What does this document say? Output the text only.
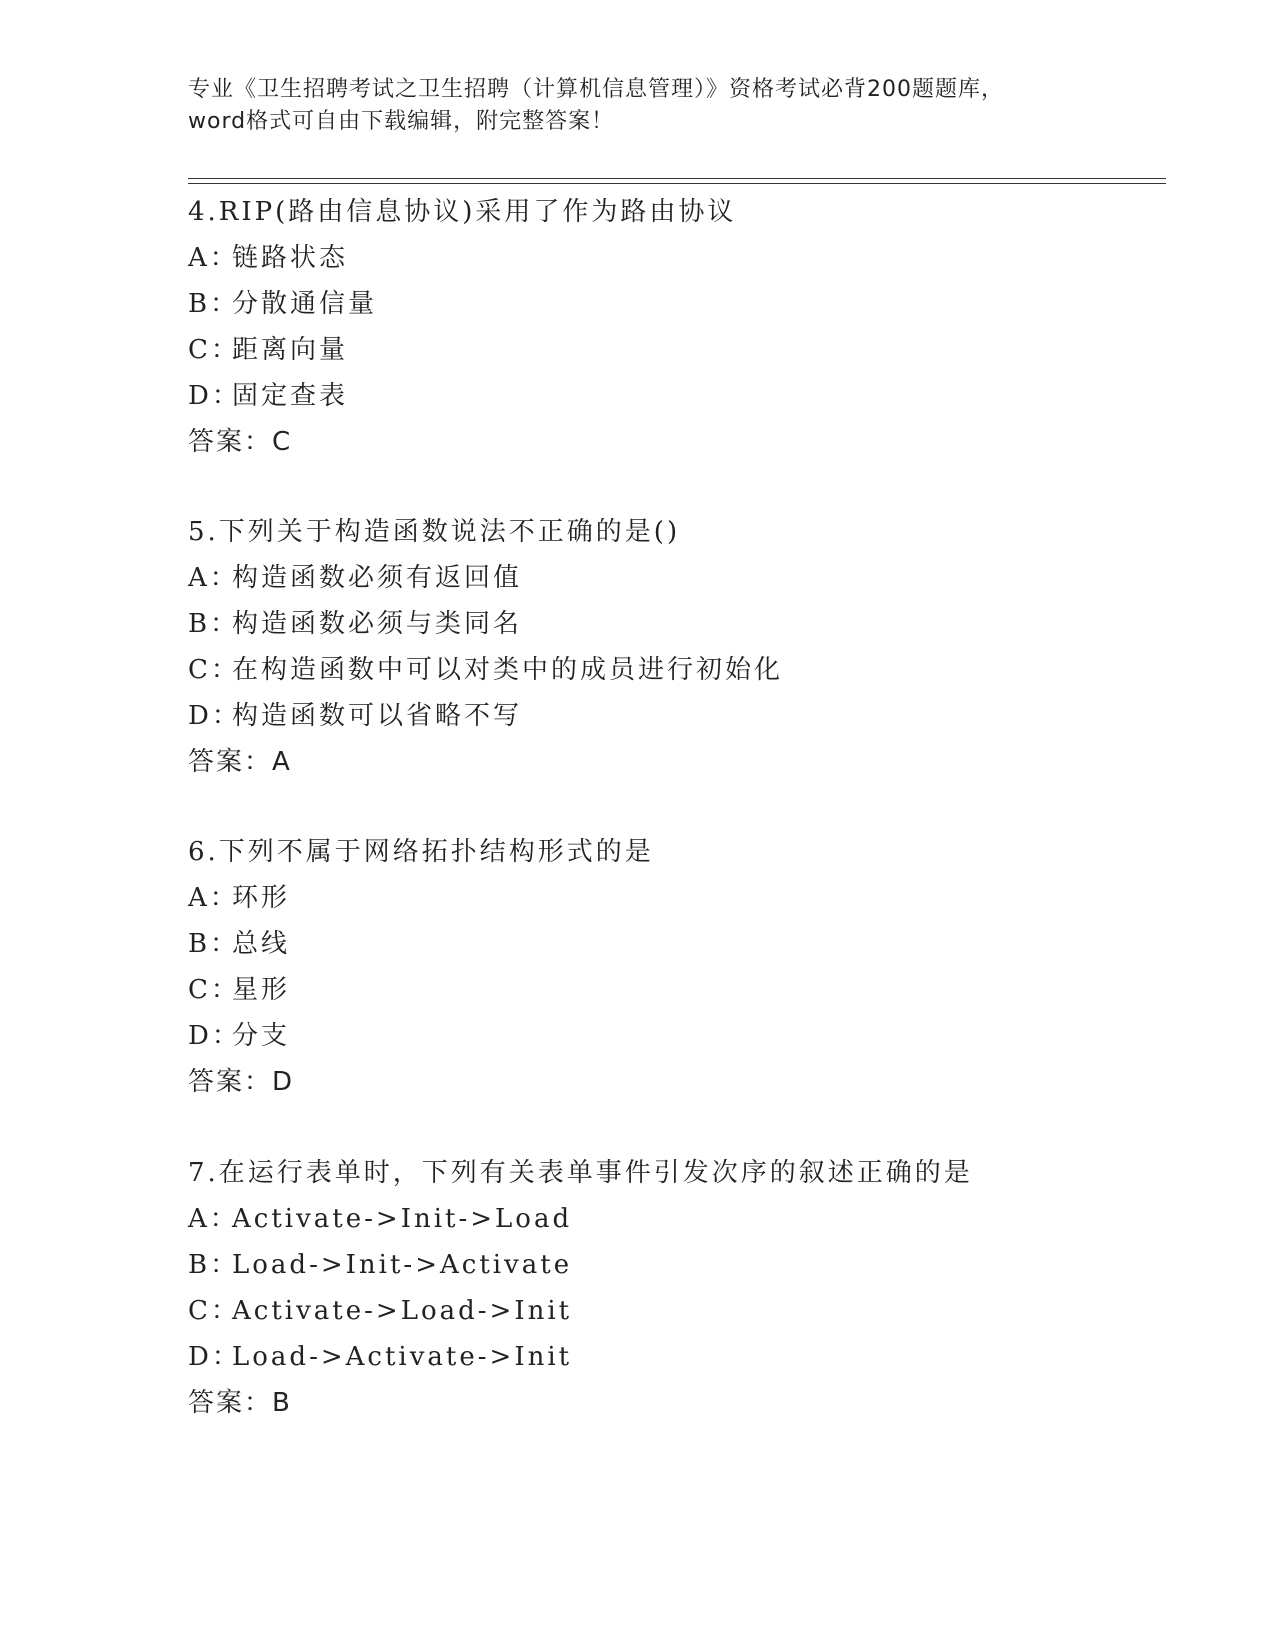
专业《卫生招聘考试之卫生招聘（计算机信息管理）》资格考试必背200题题库，
word格式可自由下载编辑，附完整答案！
4.RIP(路由信息协议)采用了作为路由协议
A：链路状态
B：分散通信量
C：距离向量
D：固定查表
答案：C
5.下列关于构造函数说法不正确的是()
A：构造函数必须有返回值
B：构造函数必须与类同名
C：在构造函数中可以对类中的成员进行初始化
D：构造函数可以省略不写
答案：A
6.下列不属于网络拓扑结构形式的是
A：环形
B：总线
C：星形
D：分支
答案：D
7.在运行表单时，下列有关表单事件引发次序的叙述正确的是
A：Activate->Init->Load
B：Load->Init->Activate
C：Activate->Load->Init
D：Load->Activate->Init
答案：B
